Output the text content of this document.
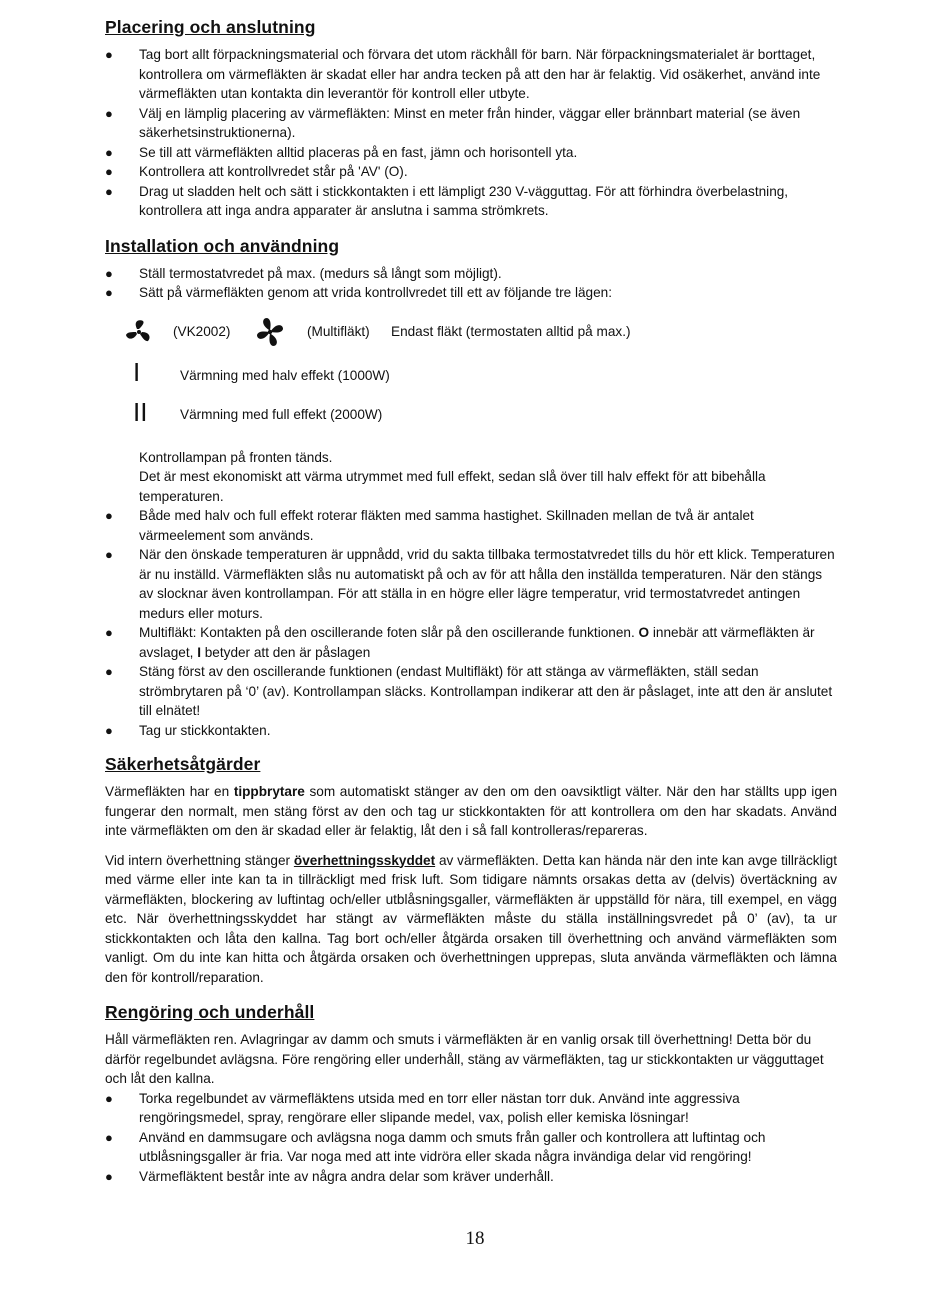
Placering och anslutning
● Tag bort allt förpackningsmaterial och förvara det utom räckhåll för barn. När förpackningsmaterialet är borttaget, kontrollera om värmefläkten är skadat eller har andra tecken på att den har är felaktig. Vid osäkerhet, använd inte värmefläkten utan kontakta din leverantör för kontroll eller utbyte.
● Välj en lämplig placering av värmefläkten: Minst en meter från hinder, väggar eller brännbart material (se även säkerhetsinstruktionerna).
● Se till att värmefläkten alltid placeras på en fast, jämn och horisontell yta.
● Kontrollera att kontrollvredet står på 'AV' (O).
● Drag ut sladden helt och sätt i stickkontakten i ett lämpligt 230 V-vägguttag. För att förhindra överbelastning, kontrollera att inga andra apparater är anslutna i samma strömkrets.
Installation och användning
● Ställ termostatvredet på max. (medurs så långt som möjligt).
● Sätt på värmefläkten genom att vrida kontrollvredet till ett av följande tre lägen:
(VK2002)	(Multifläkt) Endast fläkt (termostaten alltid på max.)
I	Värmning med halv effekt (1000W)
II Värmning med full effekt (2000W)

Kontrollampan på fronten tänds.

Det är mest ekonomiskt att värma utrymmet med full effekt, sedan slå över till halv effekt för att bibehålla temperaturen.

● Både med halv och full effekt roterar fläkten med samma hastighet. Skillnaden mellan de två är antalet värmeelement som används.
● När den önskade temperaturen är uppnådd, vrid du sakta tillbaka termostatvredet tills du hör ett klick. Temperaturen är nu inställd. Värmefläkten slås nu automatiskt på och av för att hålla den inställda temperaturen. När den stängs av slocknar även kontrollampan. För att ställa in en högre eller lägre temperatur, vrid termostatvredet antingen medurs eller moturs.
● Multifläkt: Kontakten på den oscillerande foten slår på den oscillerande funktionen. O innebär att värmefläkten är avslaget, I betyder att den är påslagen
● Stäng först av den oscillerande funktionen (endast Multifläkt) för att stänga av värmefläkten, ställ sedan strömbrytaren på ‘0’ (av). Kontrollampan släcks. Kontrollampan indikerar att den är påslaget, inte att den är anslutet till elnätet!
● Tag ur stickkontakten.
Säkerhetsåtgärder

Värmefläkten har en tippbrytare som automatiskt stänger av den om den oavsiktligt välter. När den har ställts upp igen fungerar den normalt, men stäng först av den och tag ur stickkontakten för att kontrollera om den har skadats. Använd inte värmefläkten om den är skadad eller är felaktig, låt den i så fall kontrolleras/repareras.

Vid intern överhettning stänger överhettningsskyddet av värmefläkten. Detta kan hända när den inte kan avge tillräckligt med värme eller inte kan ta in tillräckligt med frisk luft. Som tidigare nämnts orsakas detta av (delvis) övertäckning av värmefläkten, blockering av luftintag och/eller utblåsningsgaller, värmefläkten är uppställd för nära, till exempel, en vägg etc. När överhettningsskyddet har stängt av värmefläkten måste du ställa inställningsvredet på 0’ (av), ta ur stickkontakten och låta den kallna. Tag bort och/eller åtgärda orsaken till överhettning och använd värmefläkten som vanligt. Om du inte kan hitta och åtgärda orsaken och överhettningen upprepas, sluta använda värmefläkten och lämna den för kontroll/reparation.

Rengöring och underhåll

Håll värmefläkten ren. Avlagringar av damm och smuts i värmefläkten är en vanlig orsak till överhettning! Detta bör du därför regelbundet avlägsna. Före rengöring eller underhåll, stäng av värmefläkten, tag ur stickkontakten ur vägguttaget och låt den kallna.

● Torka regelbundet av värmefläktens utsida med en torr eller nästan torr duk. Använd inte aggressiva rengöringsmedel, spray, rengörare eller slipande medel, vax, polish eller kemiska lösningar!
● Använd en dammsugare och avlägsna noga damm och smuts från galler och kontrollera att luftintag och utblåsningsgaller är fria. Var noga med att inte vidröra eller skada några invändiga delar vid rengöring!
● Värmefläktent består inte av några andra delar som kräver underhåll.
18
